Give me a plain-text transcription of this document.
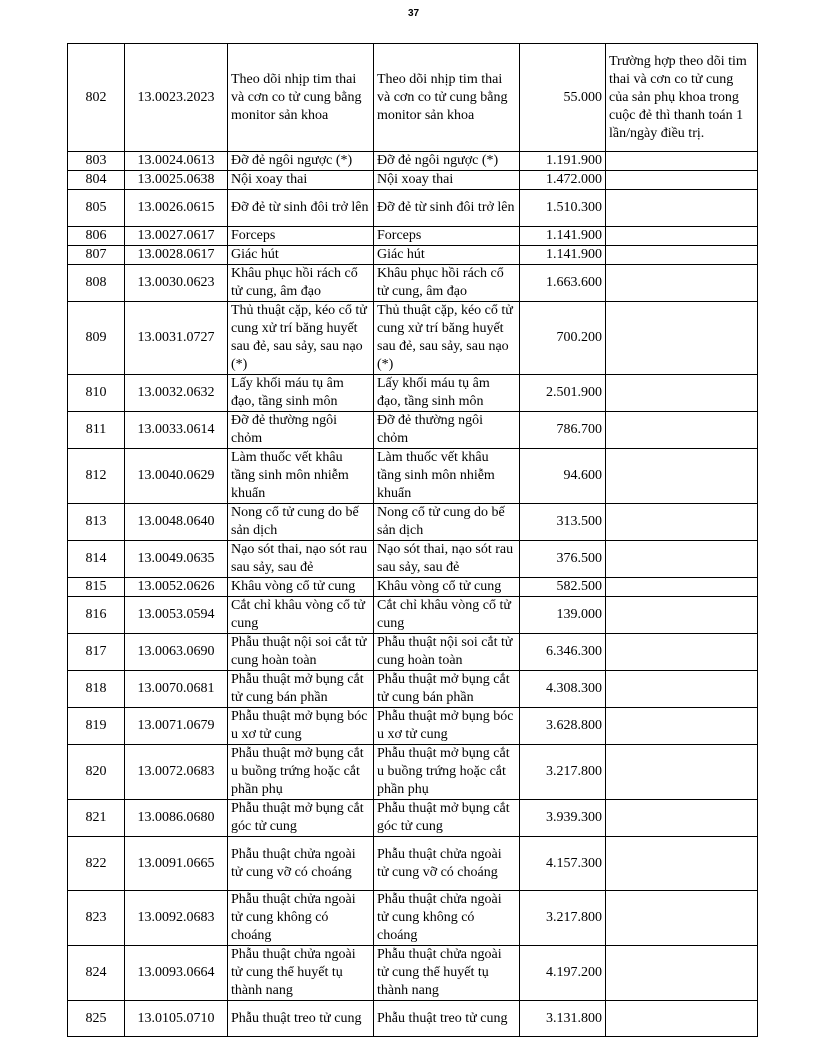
37
802	13.0023.2023	Theo dõi nhịp tim thai và cơn co tử cung bằng monitor sản khoa	Theo dõi nhịp tim thai và cơn co tử cung bằng monitor sản khoa	55.000	Trường hợp theo dõi tim thai và cơn co tử cung của sản phụ khoa trong cuộc đẻ thì thanh toán 1 lần/ngày điều trị.
803	13.0024.0613	Đỡ đẻ ngôi ngược (*)	Đỡ đẻ ngôi ngược (*)	1.191.900	
804	13.0025.0638	Nội xoay thai	Nội xoay thai	1.472.000	
805	13.0026.0615	Đỡ đẻ từ sinh đôi trở lên	Đỡ đẻ từ sinh đôi trở lên	1.510.300	
806	13.0027.0617	Forceps	Forceps	1.141.900	
807	13.0028.0617	Giác hút	Giác hút	1.141.900	
808	13.0030.0623	Khâu phục hồi rách cổ tử cung, âm đạo	Khâu phục hồi rách cổ tử cung, âm đạo	1.663.600	
809	13.0031.0727	Thủ thuật cặp, kéo cổ tử cung xử trí băng huyết sau đẻ, sau sảy, sau nạo (*)	Thủ thuật cặp, kéo cổ tử cung xử trí băng huyết sau đẻ, sau sảy, sau nạo (*)	700.200	
810	13.0032.0632	Lấy khối máu tụ âm đạo, tầng sinh môn	Lấy khối máu tụ âm đạo, tầng sinh môn	2.501.900	
811	13.0033.0614	Đỡ đẻ thường ngôi chỏm	Đỡ đẻ thường ngôi chỏm	786.700	
812	13.0040.0629	Làm thuốc vết khâu tầng sinh môn nhiễm khuẩn	Làm thuốc vết khâu tầng sinh môn nhiễm khuẩn	94.600	
813	13.0048.0640	Nong cổ tử cung do bế sản dịch	Nong cổ tử cung do bế sản dịch	313.500	
814	13.0049.0635	Nạo sót thai, nạo sót rau sau sảy, sau đẻ	Nạo sót thai, nạo sót rau sau sảy, sau đẻ	376.500	
815	13.0052.0626	Khâu vòng cổ tử cung	Khâu vòng cổ tử cung	582.500	
816	13.0053.0594	Cắt chỉ khâu vòng cổ tử cung	Cắt chỉ khâu vòng cổ tử cung	139.000	
817	13.0063.0690	Phẫu thuật nội soi cắt tử cung hoàn toàn	Phẫu thuật nội soi cắt tử cung hoàn toàn	6.346.300	
818	13.0070.0681	Phẫu thuật mở bụng cắt tử cung bán phần	Phẫu thuật mở bụng cắt tử cung bán phần	4.308.300	
819	13.0071.0679	Phẫu thuật mở bụng bóc u xơ tử cung	Phẫu thuật mở bụng bóc u xơ tử cung	3.628.800	
820	13.0072.0683	Phẫu thuật mở bụng cắt u buồng trứng hoặc cắt phần phụ	Phẫu thuật mở bụng cắt u buồng trứng hoặc cắt phần phụ	3.217.800	
821	13.0086.0680	Phẫu thuật mở bụng cắt góc tử cung	Phẫu thuật mở bụng cắt góc tử cung	3.939.300	
822	13.0091.0665	Phẫu thuật chửa ngoài tử cung vỡ có choáng	Phẫu thuật chửa ngoài tử cung vỡ có choáng	4.157.300	
823	13.0092.0683	Phẫu thuật chửa ngoài tử cung không có choáng	Phẫu thuật chửa ngoài tử cung không có choáng	3.217.800	
824	13.0093.0664	Phẫu thuật chửa ngoài tử cung thể huyết tụ thành nang	Phẫu thuật chửa ngoài tử cung thể huyết tụ thành nang	4.197.200	
825	13.0105.0710	Phẫu thuật treo tử cung	Phẫu thuật treo tử cung	3.131.800	
